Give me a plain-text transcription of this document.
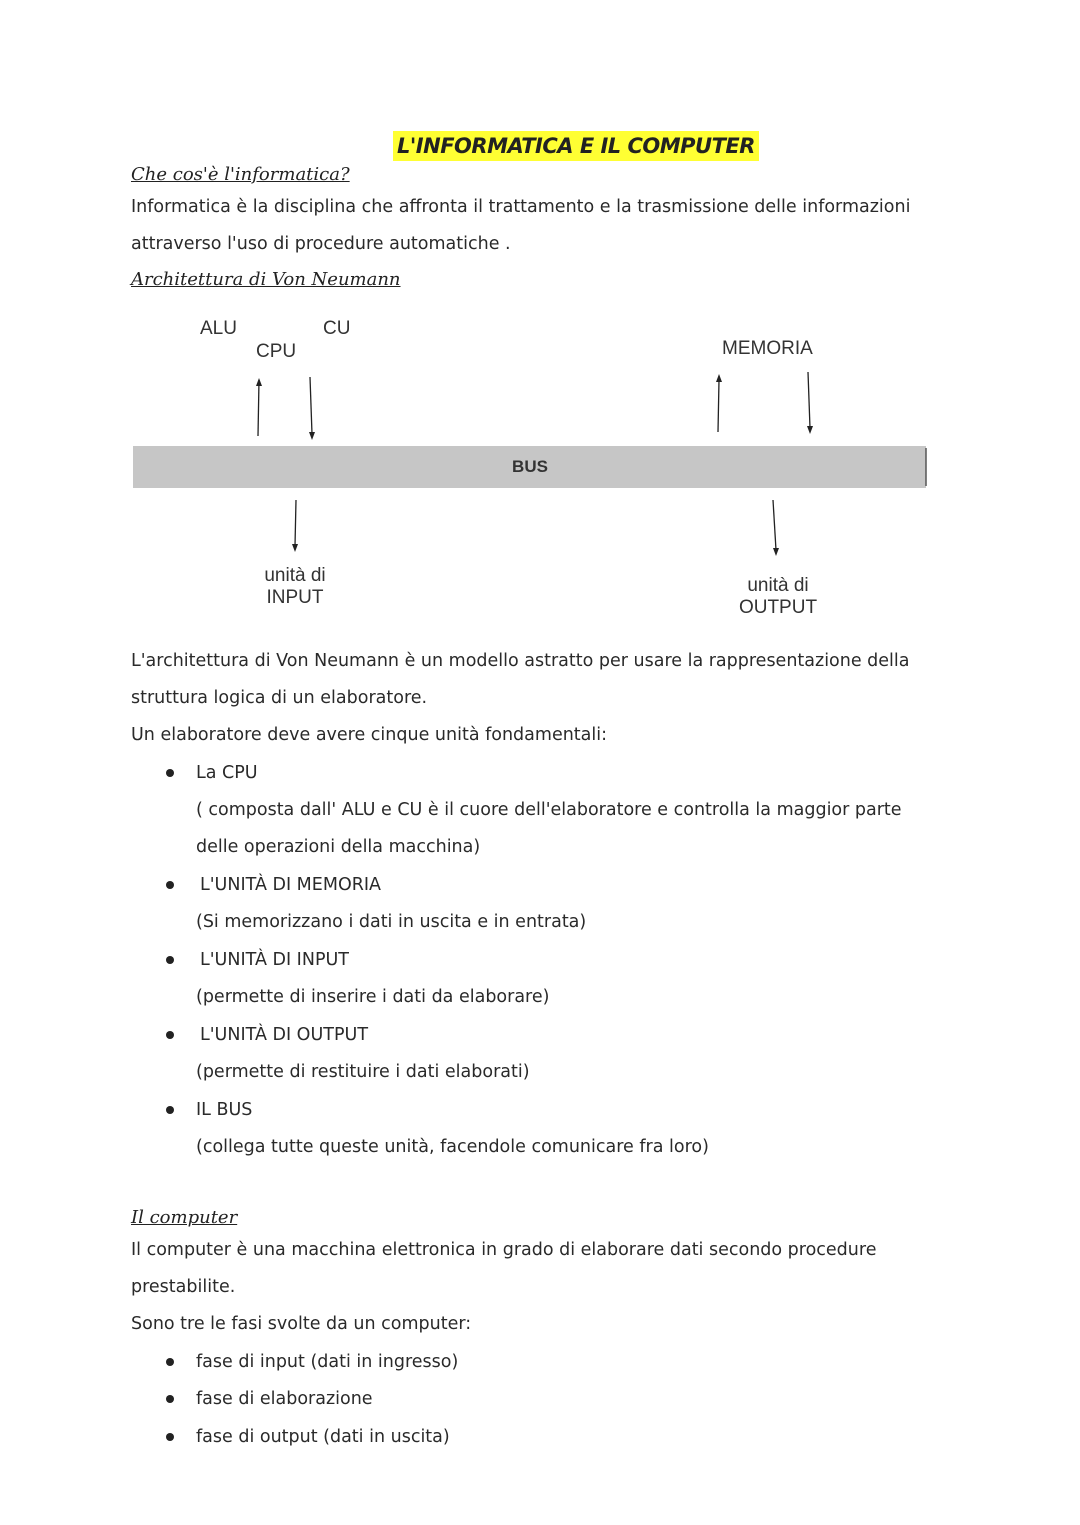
L'INFORMATICA E IL COMPUTER
Che cos'è l'informatica?
Informatica è la disciplina che affronta il trattamento e la trasmissione delle informazioni
attraverso l'uso di procedure automatiche .
Architettura di Von Neumann
ALU	CU
CPU	MEMORIA
BUS
unità di
INPUT
unità di
OUTPUT
L'architettura di Von Neumann è un modello astratto per usare la rappresentazione della
struttura logica di un elaboratore.
Un elaboratore deve avere cinque unità fondamentali:
La CPU
( composta dall' ALU e CU è il cuore dell'elaboratore e controlla la maggior parte
delle operazioni della macchina)
L'UNITÀ DI MEMORIA
(Si memorizzano i dati in uscita e in entrata)
L'UNITÀ DI INPUT
(permette di inserire i dati da elaborare)
L'UNITÀ DI OUTPUT
(permette di restituire i dati elaborati)
IL BUS
(collega tutte queste unità, facendole comunicare fra loro)
Il computer
Il computer è una macchina elettronica in grado di elaborare dati secondo procedure
prestabilite.
Sono tre le fasi svolte da un computer:
fase di input (dati in ingresso)
fase di elaborazione
fase di output (dati in uscita)
